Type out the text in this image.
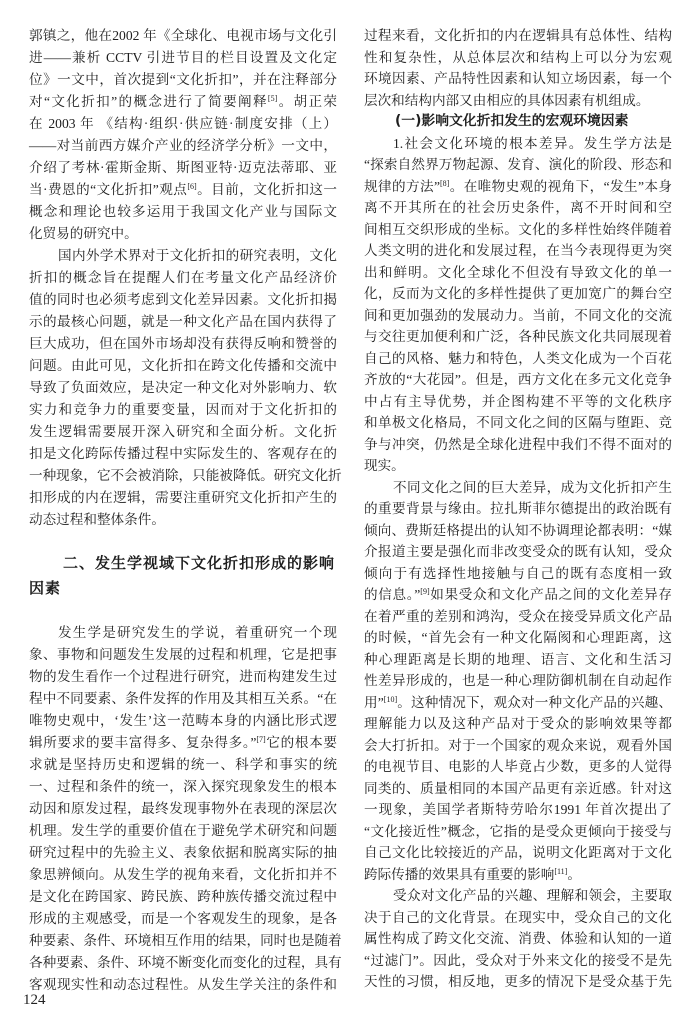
郭镇之，他在2002 年《全球化、电视市场与文化引
进——兼析 CCTV 引进节目的栏目设置及文化定
位》一文中，首次提到“文化折扣”，并在注释部分
对“文化折扣”的概念进行了简要阐释[5]。胡正荣
在 2003 年 《结构·组织·供应链·制度安排（上）
——对当前西方媒介产业的经济学分析》一文中，
介绍了考林·霍斯金斯、斯图亚特·迈克法蒂耶、亚
当·费恩的“文化折扣”观点[6]。目前，文化折扣这一
概念和理论也较多运用于我国文化产业与国际文
化贸易的研究中。
国内外学术界对于文化折扣的研究表明，文化
折扣的概念旨在提醒人们在考量文化产品经济价
值的同时也必须考虑到文化差异因素。文化折扣揭
示的最核心问题，就是一种文化产品在国内获得了
巨大成功，但在国外市场却没有获得反响和赞誉的
问题。由此可见，文化折扣在跨文化传播和交流中
导致了负面效应，是决定一种文化对外影响力、软
实力和竞争力的重要变量，因而对于文化折扣的
发生逻辑需要展开深入研究和全面分析。文化折
扣是文化跨际传播过程中实际发生的、客观存在的
一种现象，它不会被消除，只能被降低。研究文化折
扣形成的内在逻辑，需要注重研究文化折扣产生的
动态过程和整体条件。
二、发生学视域下文化折扣形成的影响
因素
发生学是研究发生的学说，着重研究一个现
象、事物和问题发生发展的过程和机理，它是把事
物的发生看作一个过程进行研究，进而构建发生过
程中不同要素、条件发挥的作用及其相互关系。“在
唯物史观中，‘发生’这一范畴本身的内涵比形式逻
辑所要求的要丰富得多、复杂得多。”[7]它的根本要
求就是坚持历史和逻辑的统一、科学和事实的统
一、过程和条件的统一，深入探究现象发生的根本
动因和原发过程，最终发现事物外在表现的深层次
机理。发生学的重要价值在于避免学术研究和问题
研究过程中的先验主义、表象依据和脱离实际的抽
象思辨倾向。从发生学的视角来看，文化折扣并不
是文化在跨国家、跨民族、跨种族传播交流过程中
形成的主观感受，而是一个客观发生的现象，是各
种要素、条件、环境相互作用的结果，同时也是随着
各种要素、条件、环境不断变化而变化的过程，具有
客观现实性和动态过程性。从发生学关注的条件和
过程来看，文化折扣的内在逻辑具有总体性、结构
性和复杂性，从总体层次和结构上可以分为宏观
环境因素、产品特性因素和认知立场因素，每一个
层次和结构内部又由相应的具体因素有机组成。
(一)影响文化折扣发生的宏观环境因素
1.社会文化环境的根本差异。发生学方法是
“探索自然界万物起源、发育、演化的阶段、形态和
规律的方法”[8]。在唯物史观的视角下，“发生”本身
离不开其所在的社会历史条件，离不开时间和空
间相互交织形成的坐标。文化的多样性始终伴随着
人类文明的进化和发展过程，在当今表现得更为突
出和鲜明。文化全球化不但没有导致文化的单一
化，反而为文化的多样性提供了更加宽广的舞台空
间和更加强劲的发展动力。当前，不同文化的交流
与交往更加便利和广泛，各种民族文化共同展现着
自己的风格、魅力和特色，人类文化成为一个百花
齐放的“大花园”。但是，西方文化在多元文化竞争
中占有主导优势，并企图构建不平等的文化秩序
和单极文化格局，不同文化之间的区隔与堕距、竞
争与冲突，仍然是全球化进程中我们不得不面对的
现实。
不同文化之间的巨大差异，成为文化折扣产生
的重要背景与缘由。拉扎斯菲尔德提出的政治既有
倾向、费斯廷格提出的认知不协调理论都表明：“媒
介报道主要是强化而非改变受众的既有认知，受众
倾向于有选择性地接触与自己的既有态度相一致
的信息。”[9]如果受众和文化产品之间的文化差异存
在着严重的差别和鸿沟，受众在接受异质文化产品
的时候，“首先会有一种文化隔阂和心理距离，这
种心理距离是长期的地理、语言、文化和生活习
性差异形成的，也是一种心理防御机制在自动起作
用”[10]。这种情况下，观众对一种文化产品的兴趣、
理解能力以及这种产品对于受众的影响效果等都
会大打折扣。对于一个国家的观众来说，观看外国
的电视节目、电影的人毕竟占少数，更多的人觉得
同类的、质量相同的本国产品更有亲近感。针对这
一现象，美国学者斯特劳哈尔1991 年首次提出了
“文化接近性”概念，它指的是受众更倾向于接受与
自己文化比较接近的产品，说明文化距离对于文化
跨际传播的效果具有重要的影响[11]。
受众对文化产品的兴趣、理解和领会，主要取
决于自己的文化背景。在现实中，受众自己的文化
属性构成了跨文化交流、消费、体验和认知的一道
“过滤门”。因此，受众对于外来文化的接受不是先
天性的习惯，相反地，更多的情况下是受众基于先
124
